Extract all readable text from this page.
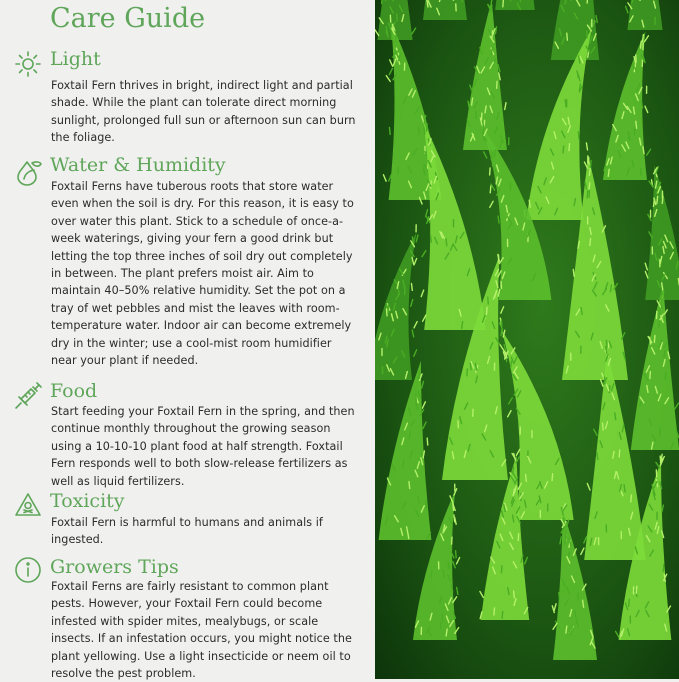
Care Guide
Light

Foxtail Fern thrives in bright, indirect light and partial shade. While the plant can tolerate direct morning sunlight, prolonged full sun or afternoon sun can burn the foliage.

Water & Humidity

Foxtail Ferns have tuberous roots that store water even when the soil is dry. For this reason, it is easy to over water this plant. Stick to a schedule of once-a-week waterings, giving your fern a good drink but letting the top three inches of soil dry out completely in between. The plant prefers moist air. Aim to maintain 40–50% relative humidity. Set the pot on a tray of wet pebbles and mist the leaves with room-temperature water. Indoor air can become extremely dry in the winter; use a cool-mist room humidifier near your plant if needed.

Food

Start feeding your Foxtail Fern in the spring, and then continue monthly throughout the growing season using a 10-10-10 plant food at half strength. Foxtail Fern responds well to both slow-release fertilizers as well as liquid fertilizers.

Toxicity

Foxtail Fern is harmful to humans and animals if ingested.

Growers Tips

Foxtail Ferns are fairly resistant to common plant pests. However, your Foxtail Fern could become infested with spider mites, mealybugs, or scale insects. If an infestation occurs, you might notice the plant yellowing. Use a light insecticide or neem oil to resolve the pest problem.
